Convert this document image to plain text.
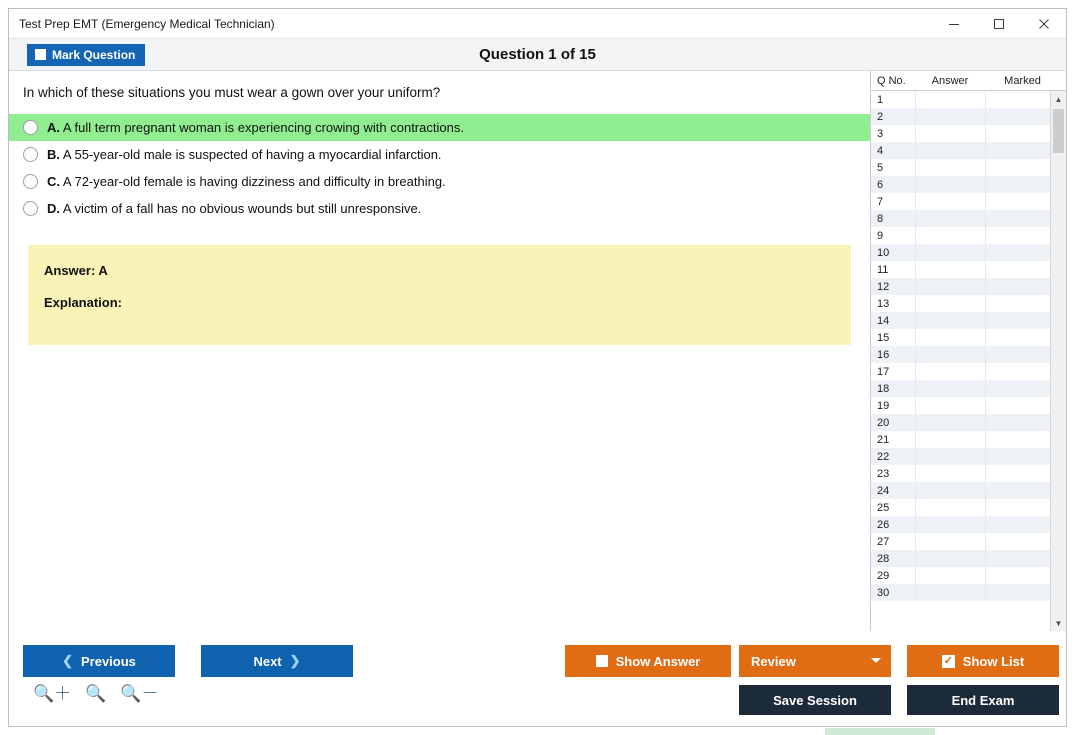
Test Prep EMT (Emergency Medical Technician)
Mark Question	Question 1 of 15
In which of these situations you must wear a gown over your uniform?
A. A full term pregnant woman is experiencing crowing with contractions.
B. A 55-year-old male is suspected of having a myocardial infarction.
C. A 72-year-old female is having dizziness and difficulty in breathing.
D. A victim of a fall has no obvious wounds but still unresponsive.
Answer: A
Explanation:
Q No.	Answer	Marked
1
2
3
4
5
6
7
8
9
10
11
12
13
14
15
16
17
18
19
20
21
22
23
24
25
26
27
28
29
30
▲
▼
❮ Previous	Next ❯	Show Answer	Review	✓ Show List
Save Session	End Exam
🔍＋ 🔍 🔍－
